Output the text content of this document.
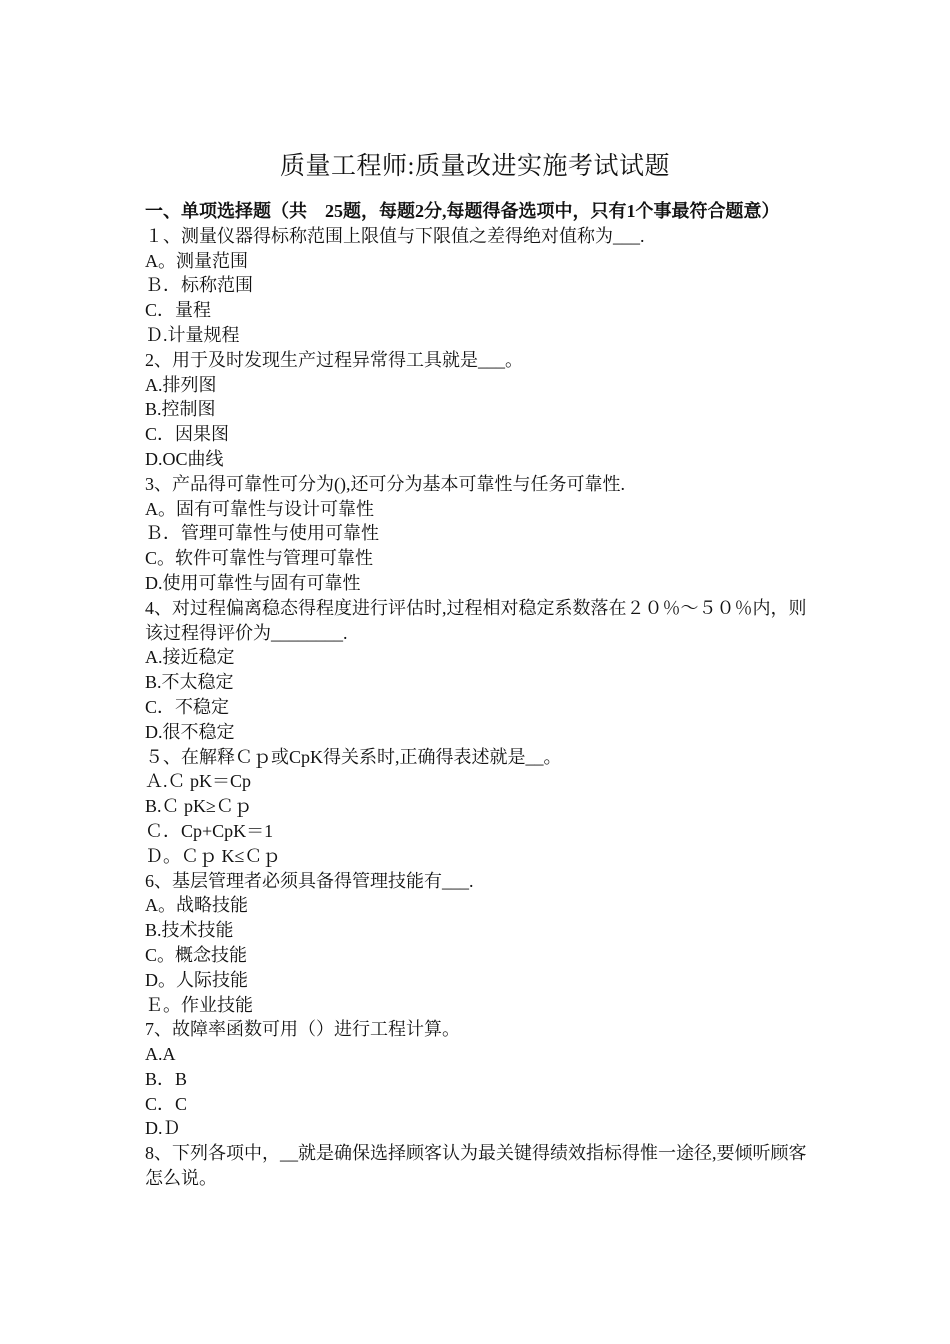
质量工程师:质量改进实施考试试题
一、单项选择题（共　25题，每题2分,每题得备选项中，只有1个事最符合题意）
１、测量仪器得标称范围上限值与下限值之差得绝对值称为___.
A。测量范围
Ｂ．标称范围
C．量程
Ｄ.计量规程
2、用于及时发现生产过程异常得工具就是___。
A.排列图
B.控制图
C．因果图
D.OC曲线
3、产品得可靠性可分为(),还可分为基本可靠性与任务可靠性.
A。固有可靠性与设计可靠性
Ｂ．管理可靠性与使用可靠性
C。软件可靠性与管理可靠性
D.使用可靠性与固有可靠性
4、对过程偏离稳态得程度进行评估时,过程相对稳定系数落在２０％～５０％内，则该过程得评价为________.
A.接近稳定
B.不太稳定
C．不稳定
D.很不稳定
５、在解释Ｃｐ或CpK得关系时,正确得表述就是__。
Ａ.Ｃ pK＝Cp
B.Ｃ pK≥Ｃｐ
Ｃ．Cp+CpK＝1
Ｄ。Ｃｐ K≤Ｃｐ
6、基层管理者必须具备得管理技能有___.
A。战略技能
B.技术技能
C。概念技能
D。人际技能
Ｅ。作业技能
7、故障率函数可用（）进行工程计算。
A.A
B．B
C．C
D.Ｄ
8、下列各项中，__就是确保选择顾客认为最关键得绩效指标得惟一途径,要倾听顾客怎么说。
